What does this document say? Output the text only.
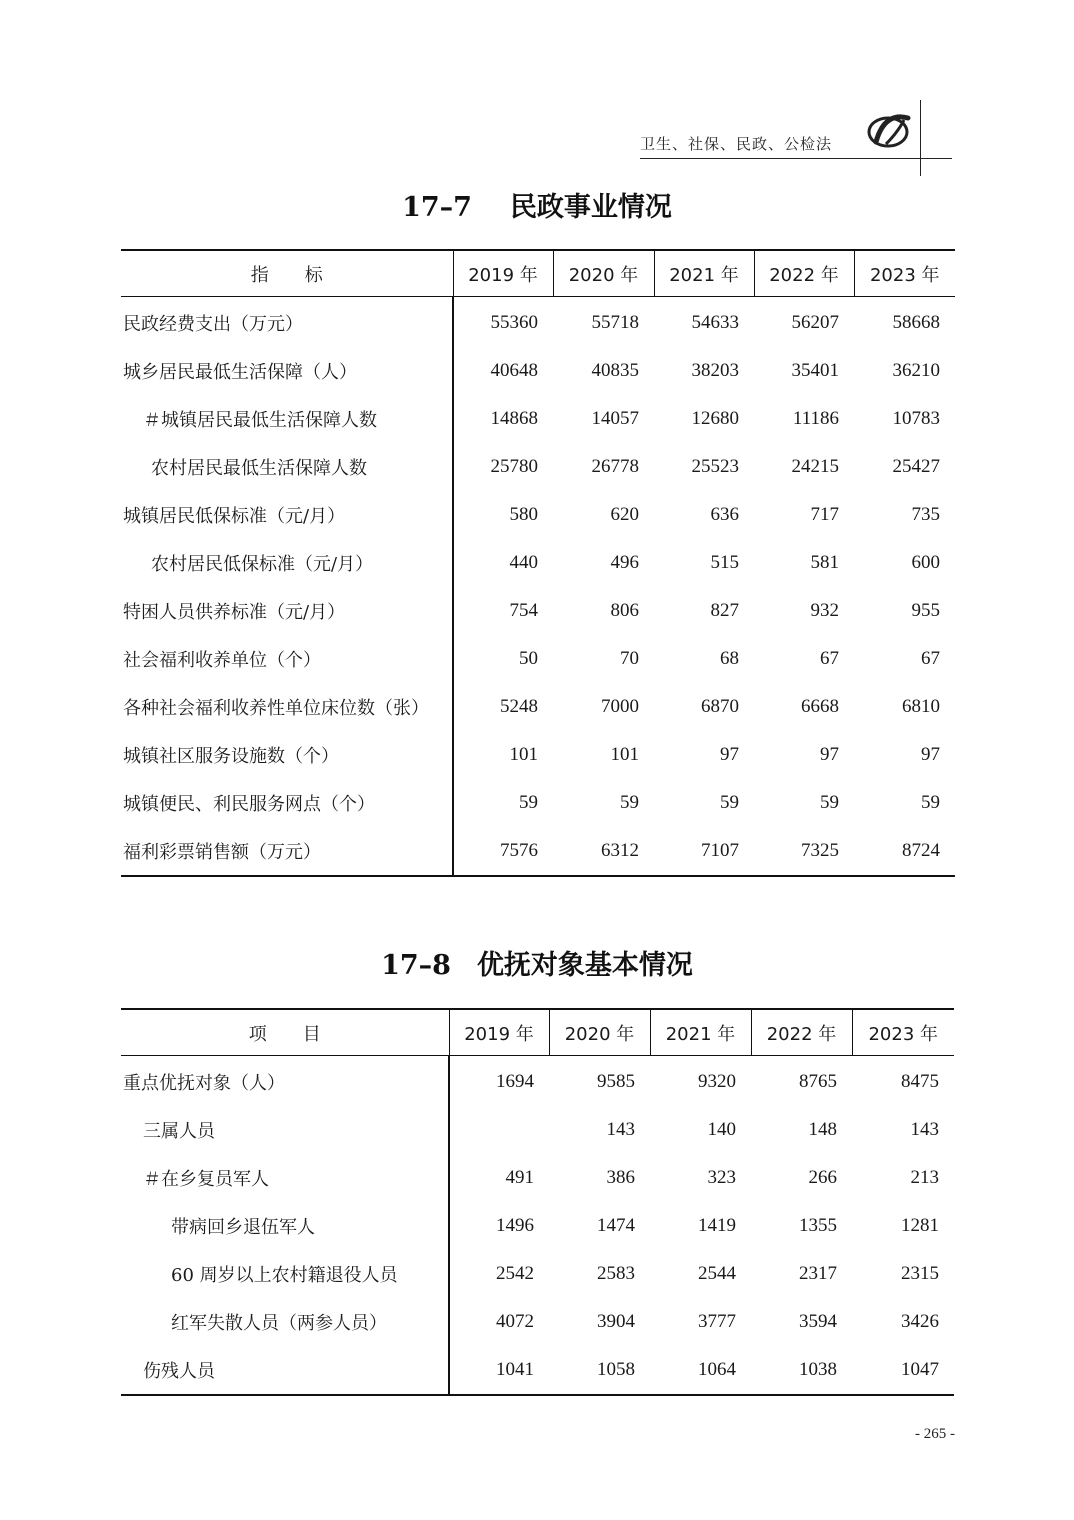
卫生、社保、民政、公检法
17–7 民政事业情况
指　　标	2019 年	2020 年	2021 年	2022 年	2023 年
民政经费支出（万元）	55360	55718	54633	56207	58668
城乡居民最低生活保障（人）	40648	40835	38203	35401	36210
＃城镇居民最低生活保障人数	14868	14057	12680	11186	10783
农村居民最低生活保障人数	25780	26778	25523	24215	25427
城镇居民低保标准（元/月）	580	620	636	717	735
农村居民低保标准（元/月）	440	496	515	581	600
特困人员供养标准（元/月）	754	806	827	932	955
社会福利收养单位（个）	50	70	68	67	67
各种社会福利收养性单位床位数（张）	5248	7000	6870	6668	6810
城镇社区服务设施数（个）	101	101	97	97	97
城镇便民、利民服务网点（个）	59	59	59	59	59
福利彩票销售额（万元）	7576	6312	7107	7325	8724
17–8 优抚对象基本情况
项　　目	2019 年	2020 年	2021 年	2022 年	2023 年
重点优抚对象（人）	1694	9585	9320	8765	8475
三属人员		143	140	148	143
＃在乡复员军人	491	386	323	266	213
带病回乡退伍军人	1496	1474	1419	1355	1281
60 周岁以上农村籍退役人员	2542	2583	2544	2317	2315
红军失散人员（两参人员）	4072	3904	3777	3594	3426
伤残人员	1041	1058	1064	1038	1047
- 265 -
